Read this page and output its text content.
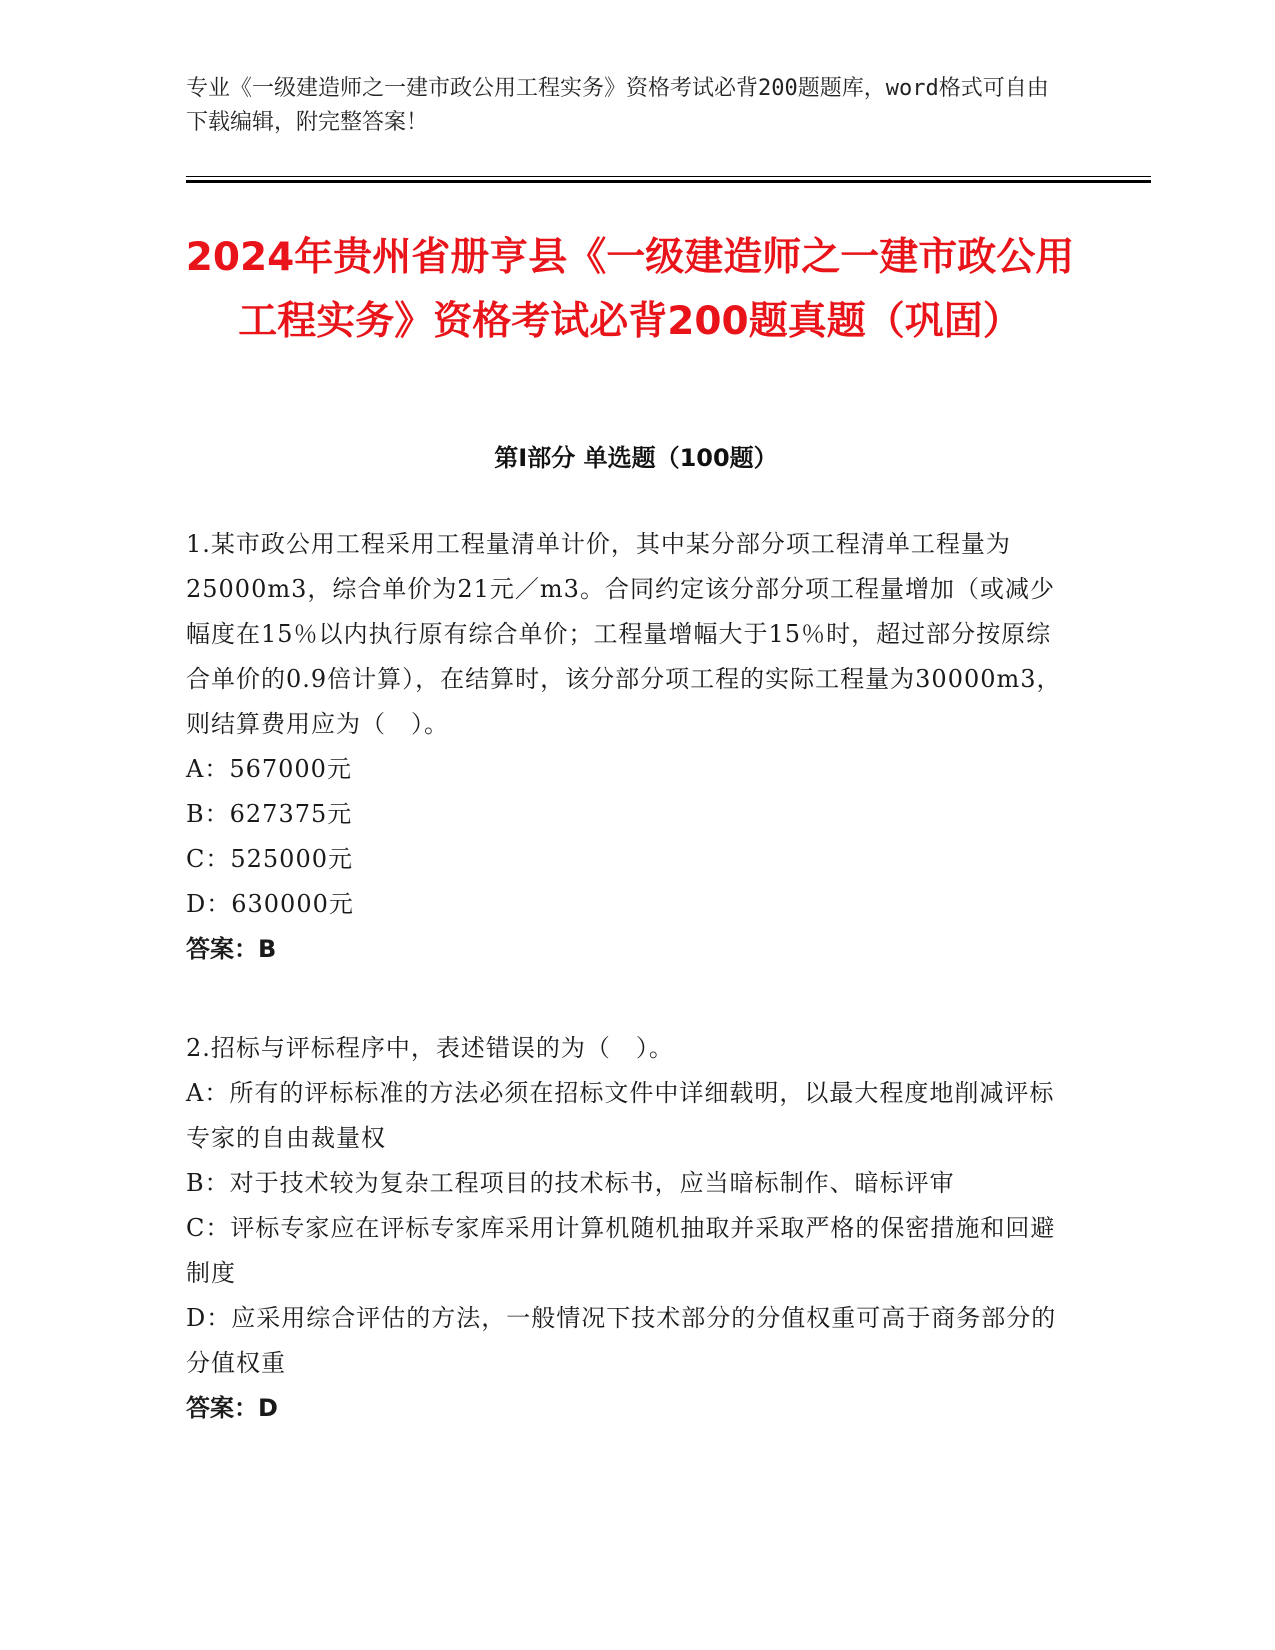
专业《一级建造师之一建市政公用工程实务》资格考试必背200题题库，word格式可自由下载编辑，附完整答案！
2024年贵州省册亨县《一级建造师之一建市政公用工程实务》资格考试必背200题真题（巩固）
第I部分 单选题（100题）

1.某市政公用工程采用工程量清单计价，其中某分部分项工程清单工程量为25000m3，综合单价为21元／m3。合同约定该分部分项工程量增加（或减少幅度在15％以内执行原有综合单价；工程量增幅大于15％时，超过部分按原综合单价的0.9倍计算），在结算时，该分部分项工程的实际工程量为30000m3，则结算费用应为（　）。

A：567000元

B：627375元

C：525000元

D：630000元

答案：B

2.招标与评标程序中，表述错误的为（　）。

A：所有的评标标准的方法必须在招标文件中详细载明，以最大程度地削减评标专家的自由裁量权

B：对于技术较为复杂工程项目的技术标书，应当暗标制作、暗标评审

C：评标专家应在评标专家库采用计算机随机抽取并采取严格的保密措施和回避制度

D：应采用综合评估的方法，一般情况下技术部分的分值权重可高于商务部分的分值权重

答案：D
